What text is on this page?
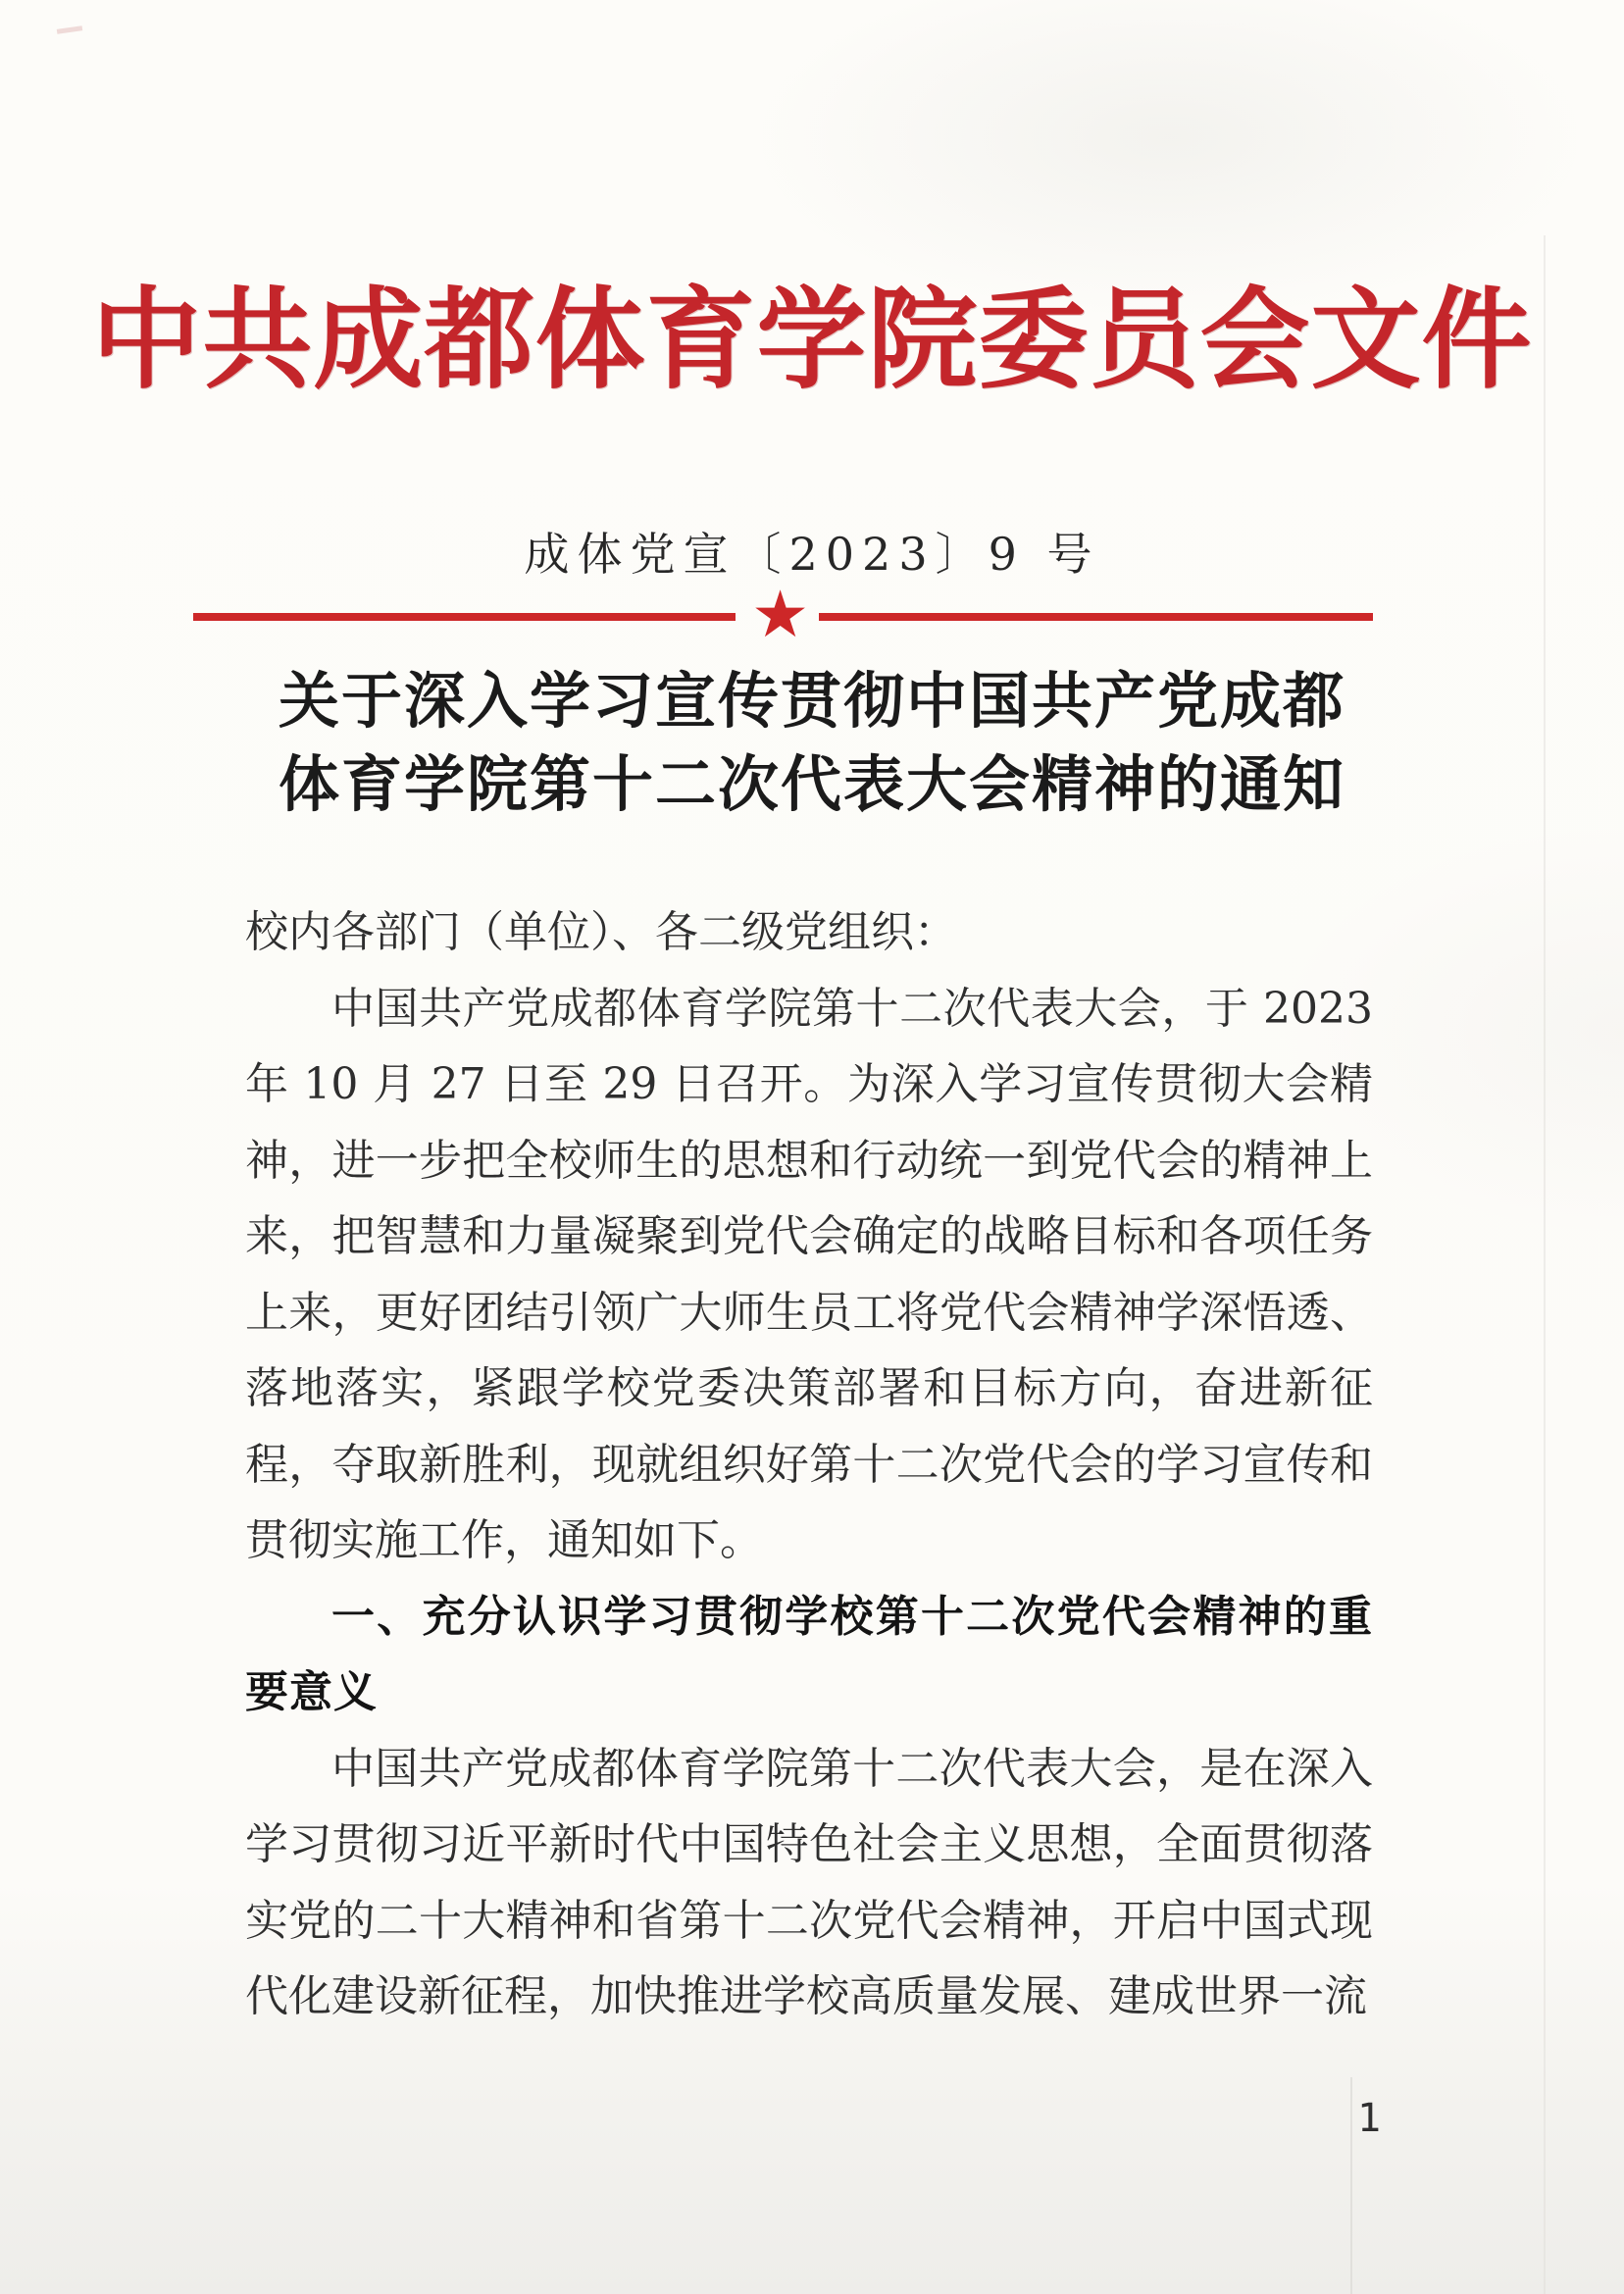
中共成都体育学院委员会文件
成体党宣〔2023〕9 号
★
关于深入学习宣传贯彻中国共产党成都
体育学院第十二次代表大会精神的通知

校内各部门（单位）、各二级党组织：

中国共产党成都体育学院第十二次代表大会，于 2023 年 10 月 27 日至 29 日召开。为深入学习宣传贯彻大会精神，进一步把全校师生的思想和行动统一到党代会的精神上来，把智慧和力量凝聚到党代会确定的战略目标和各项任务上来，更好团结引领广大师生员工将党代会精神学深悟透、落地落实，紧跟学校党委决策部署和目标方向，奋进新征程，夺取新胜利，现就组织好第十二次党代会的学习宣传和贯彻实施工作，通知如下。

一、充分认识学习贯彻学校第十二次党代会精神的重要意义

中国共产党成都体育学院第十二次代表大会，是在深入学习贯彻习近平新时代中国特色社会主义思想，全面贯彻落实党的二十大精神和省第十二次党代会精神，开启中国式现代化建设新征程，加快推进学校高质量发展、建成世界一流

1
